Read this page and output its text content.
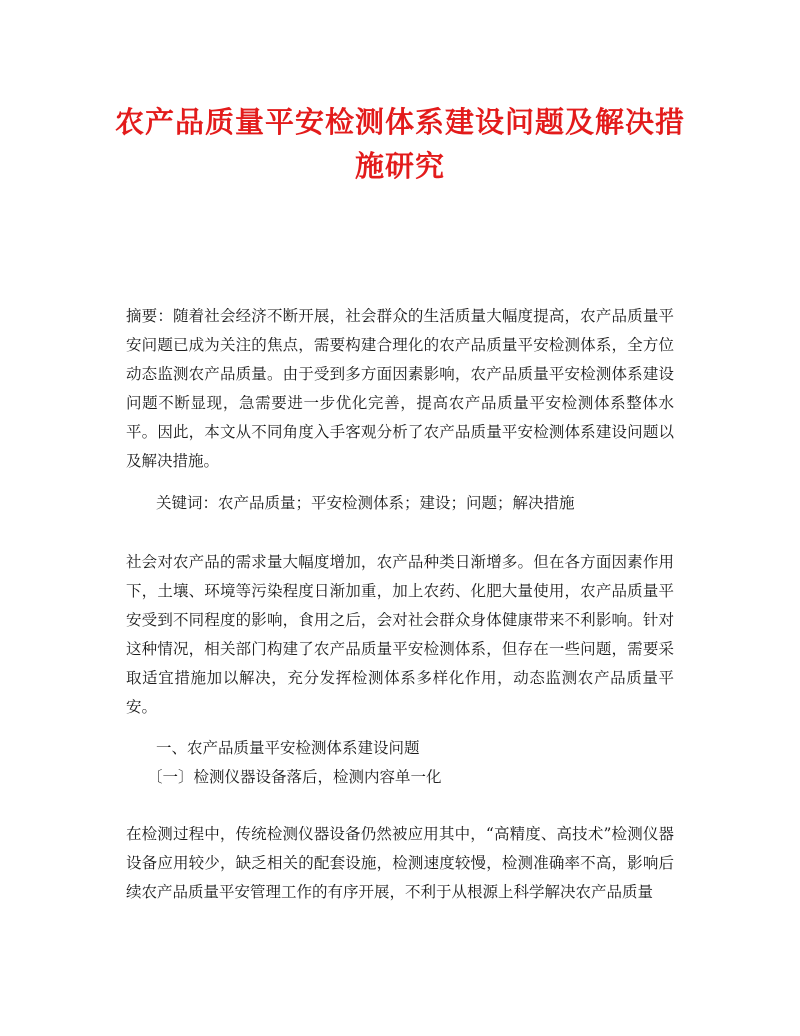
农产品质量平安检测体系建设问题及解决措施研究
摘要：随着社会经济不断开展，社会群众的生活质量大幅度提高，农产品质量平安问题已成为关注的焦点，需要构建合理化的农产品质量平安检测体系，全方位动态监测农产品质量。由于受到多方面因素影响，农产品质量平安检测体系建设问题不断显现，急需要进一步优化完善，提高农产品质量平安检测体系整体水平。因此，本文从不同角度入手客观分析了农产品质量平安检测体系建设问题以及解决措施。
关键词：农产品质量；平安检测体系；建设；问题；解决措施
社会对农产品的需求量大幅度增加，农产品种类日渐增多。但在各方面因素作用下，土壤、环境等污染程度日渐加重，加上农药、化肥大量使用，农产品质量平安受到不同程度的影响，食用之后，会对社会群众身体健康带来不利影响。针对这种情况，相关部门构建了农产品质量平安检测体系，但存在一些问题，需要采取适宜措施加以解决，充分发挥检测体系多样化作用，动态监测农产品质量平安。
一、农产品质量平安检测体系建设问题
〔一〕检测仪器设备落后，检测内容单一化
在检测过程中，传统检测仪器设备仍然被应用其中，“高精度、高技术”检测仪器设备应用较少，缺乏相关的配套设施，检测速度较慢，检测准确率不高，影响后续农产品质量平安管理工作的有序开展，不利于从根源上科学解决农产品质量
